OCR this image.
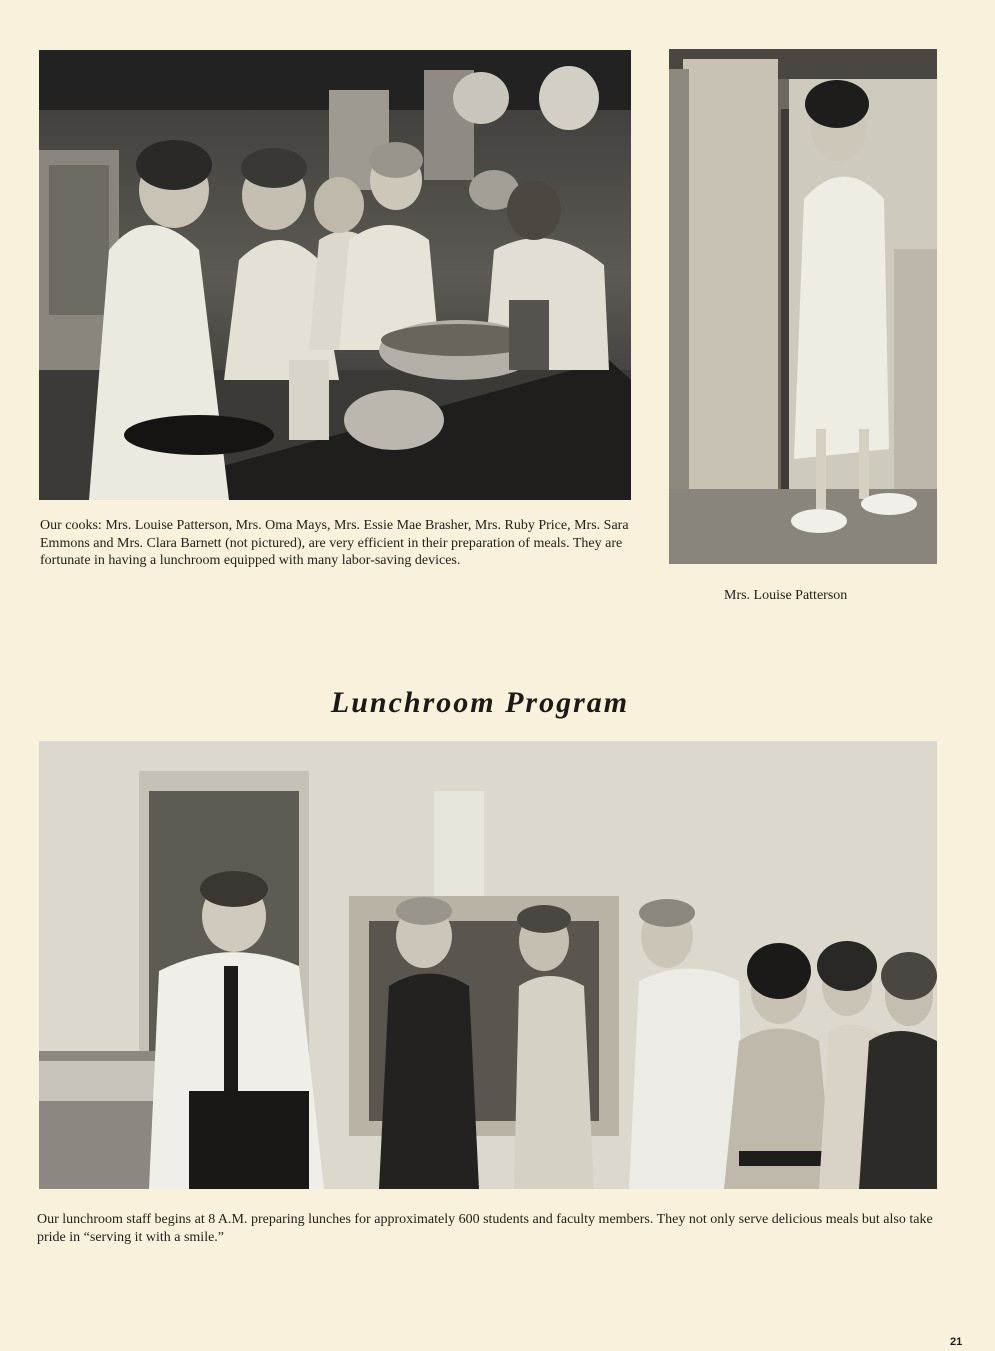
Our cooks: Mrs. Louise Patterson, Mrs. Oma Mays, Mrs. Essie Mae Brasher, Mrs. Ruby Price, Mrs. Sara Emmons and Mrs. Clara Barnett (not pictured), are very efficient in their preparation of meals. They are fortunate in having a lunchroom equipped with many labor-saving devices.

Mrs. Louise Patterson

Lunchroom Program

Our lunchroom staff begins at 8 A.M. preparing lunches for approximately 600 students and faculty members. They not only serve delicious meals but also take pride in “serving it with a smile.”

21
